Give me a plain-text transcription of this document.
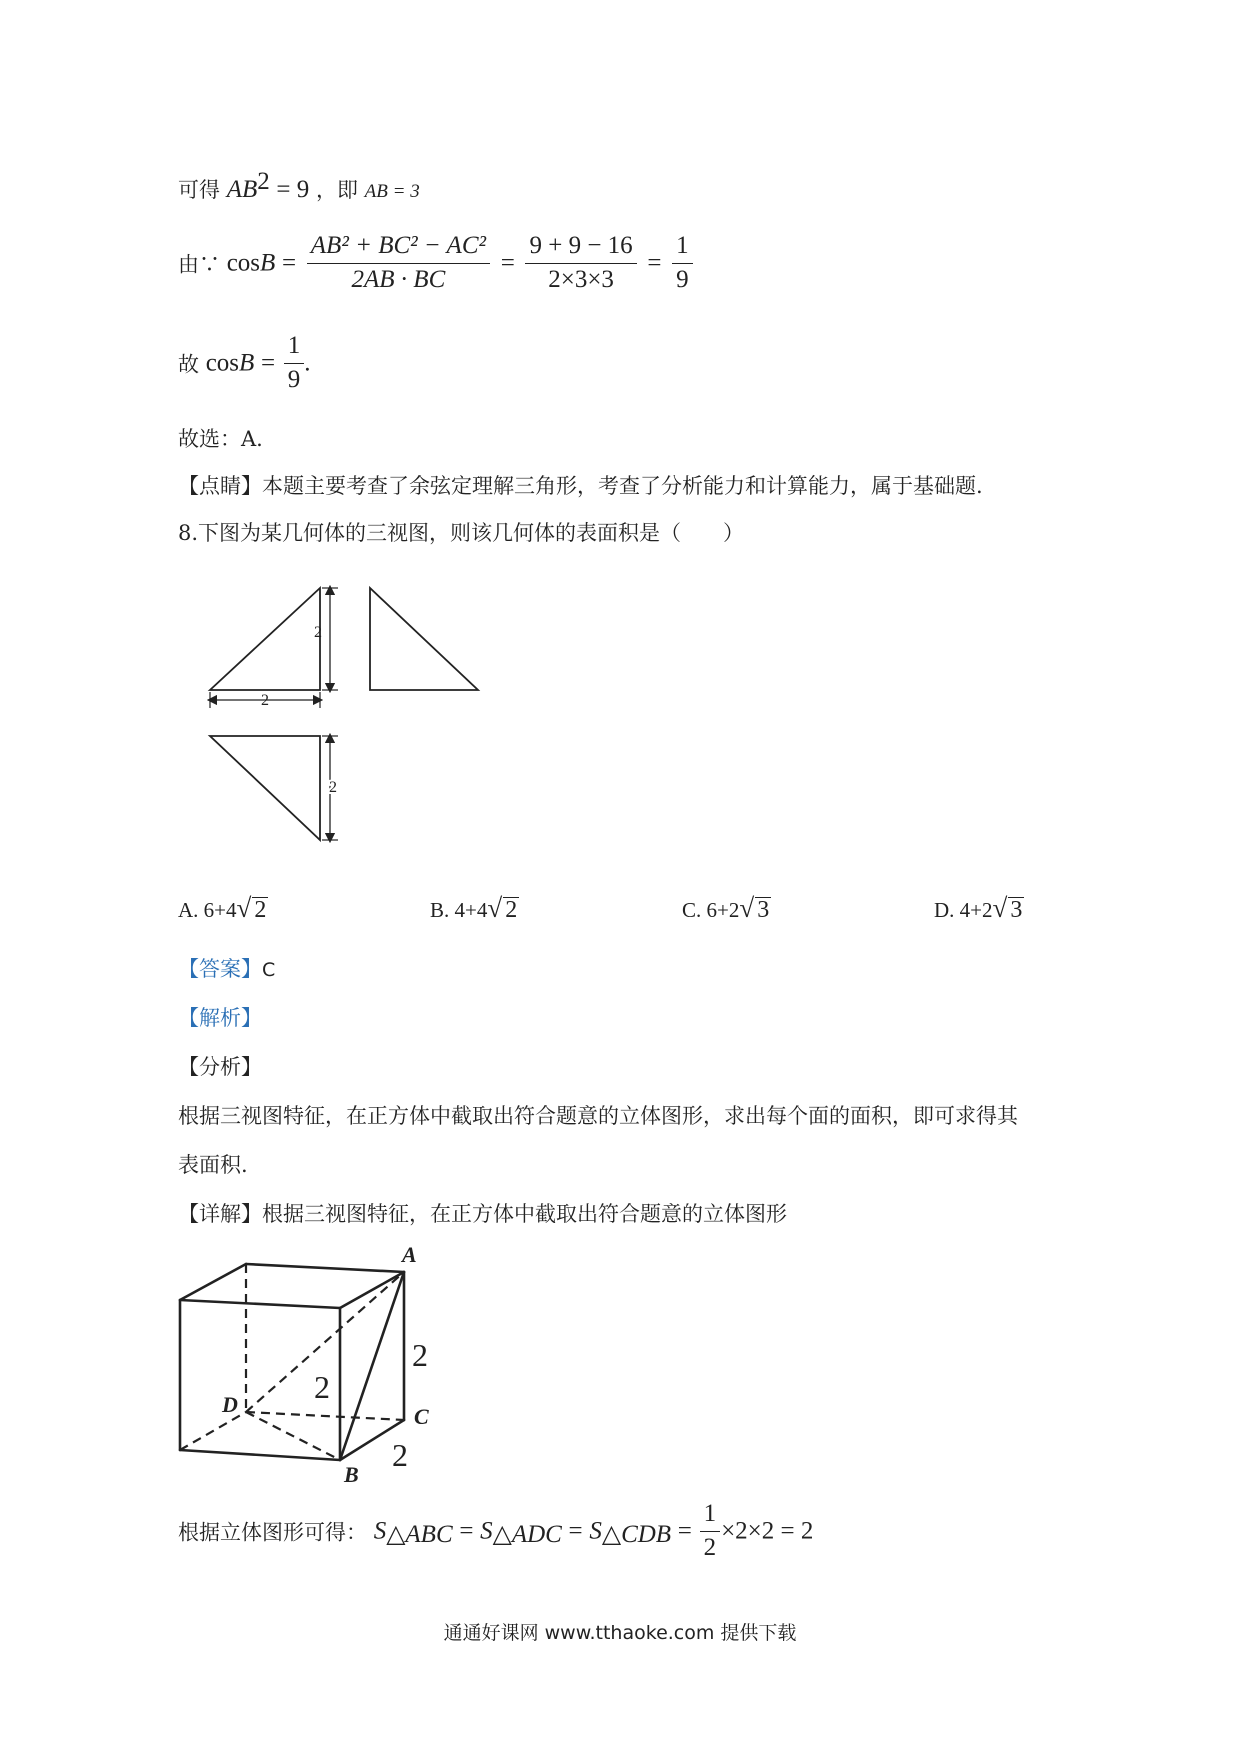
可得 $AB^2 = 9$ ，即 AB = 3
由∵ $\cos B = \frac{\text{AB² + BC² − AC²}}{2AB \cdot BC} = \frac{9 + 9 - 16}{2\times 3\times 3} = \frac{1}{9}$
故 $\cos B = \frac{1}{9}$ .
故选：A.
【点睛】本题主要考查了余弦定理解三角形，考查了分析能力和计算能力，属于基础题.
8.下图为某几何体的三视图，则该几何体的表面积是（　　）
2
2
2
A. 6+4√ 2	B. 4+4√ 2	C. 6+2√ 3	D. 4+2√ 3
【答案】C
【解析】
【分析】
根据三视图特征，在正方体中截取出符合题意的立体图形，求出每个面的面积，即可求得其
表面积.
【详解】根据三视图特征，在正方体中截取出符合题意的立体图形
A
B
C
D
2
2
2
根据立体图形可得： $S_{\triangle ABC} = S_{\triangle ADC} = S_{\triangle CDB} = \frac{1}{2} \times 2\times 2 = 2$
通通好课网 www.tthaoke.com 提供下载
